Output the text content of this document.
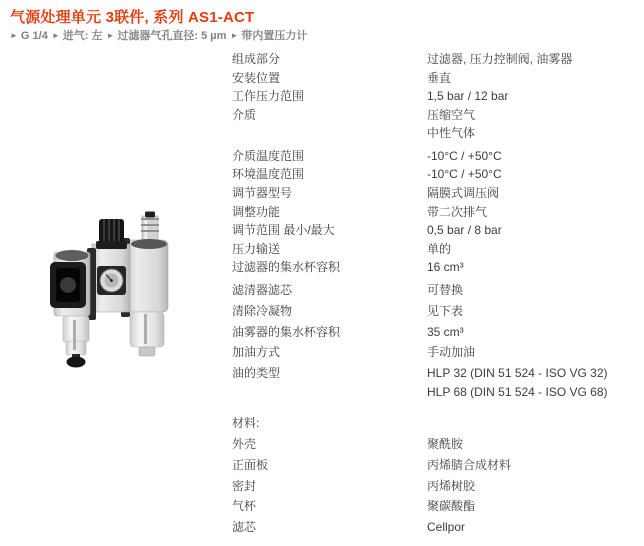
气源处理单元 3联件, 系列 AS1-ACT
► G 1/4 ► 进气: 左 ► 过滤器气孔直径: 5 µm ► 带内置压力计
组成部分	过滤器, 压力控制阀, 油雾器
安装位置	垂直
工作压力范围	1,5 bar / 12 bar
介质	压缩空气
中性气体
介质温度范围	-10°C / +50°C
环境温度范围	-10°C / +50°C
调节器型号	隔膜式调压阀
调整功能	带二次排气
调节范围 最小/最大	0,5 bar / 8 bar
压力输送	单的
过滤器的集水杯容积	16 cm³
滤清器滤芯	可替换
清除冷凝物	见下表
油雾器的集水杯容积	35 cm³
加油方式	手动加油
油的类型	HLP 32 (DIN 51 524 - ISO VG 32)
HLP 68 (DIN 51 524 - ISO VG 68)
材料:
外壳	聚酰胺
正面板	丙烯腈合成材料
密封	丙烯树胶
气杯	聚碳酸酯
滤芯	Cellpor
